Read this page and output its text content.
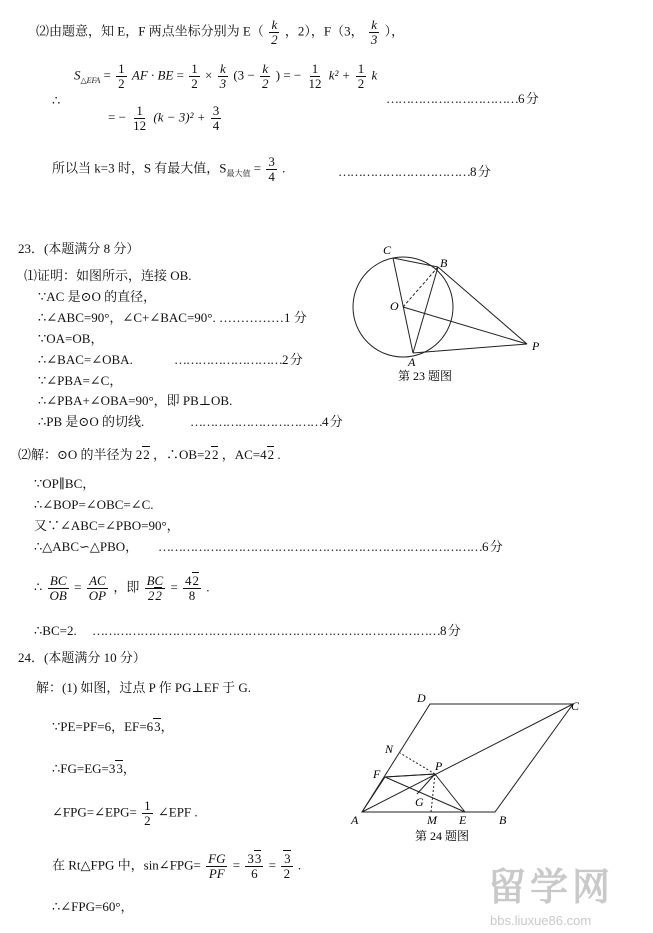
⑵由题意，知 E，F 两点坐标分别为 $E( \frac{k}{2}$ ，2），F（3， $\frac{k}{3}$ ），
∴
$S_{\triangle EFA} = \frac{1}{2}$ AF · BE = $\frac{1}{2} \times \frac{k}{3} (3 - \frac{k}{2}$ ) = − $\frac{1}{12} k^2 + \frac{1}{2}$ k
……………………………6 分
= − $\frac{1}{12} (k - 3)^2 + \frac{3}{4}$
所以当 k=3 时，S 有最大值，$S_{最大值} = \frac{3}{4}$ .	……………………………8 分
23．(本题满分 8 分）
⑴证明：如图所示，连接 OB.
∵AC 是⊙O 的直径，
∴∠ABC=90°，∠C+∠BAC=90°. ……………1 分
∵OA=OB，
∴∠BAC=∠OBA.	………………………2 分
∵∠PBA=∠C，
∴∠PBA+∠OBA=90°，即 PB⊥OB.
∴PB 是⊙O 的切线.	……………………………4 分
C
B
O
A
P
第 23 题图
⑵解：⊙O 的半径为 22 ，∴OB=22 ，AC=42 .
∵OP∥BC，
∴∠BOP=∠OBC=∠C.
又∵∠ABC=∠PBO=90°，
∴△ABC∽△PBO， ………………………………………………………………………6 分
∴ $\frac{BC}{OB} = \frac{AC}{OP}$ ，即 $\frac{BC}{22} = \frac{42}{8}$ .
∴BC=2. ……………………………………………………………………………8 分
24．(本题满分 10 分）
解：(1) 如图，过点 P 作 PG⊥EF 于 G.
∵PE=PF=6，EF=63，
∴FG=EG=33，
∠FPG=∠EPG= $\frac{1}{2}$ ∠EPF .
在 Rt△FPG 中，sin∠FPG= $\frac{FG}{PF} = \frac{33}{6} = \frac{3}{2}$ .
∴∠FPG=60°，
D
C
N
P
F
G
A	M E	B
第 24 题图
留学网
bbs.liuxue86.com
